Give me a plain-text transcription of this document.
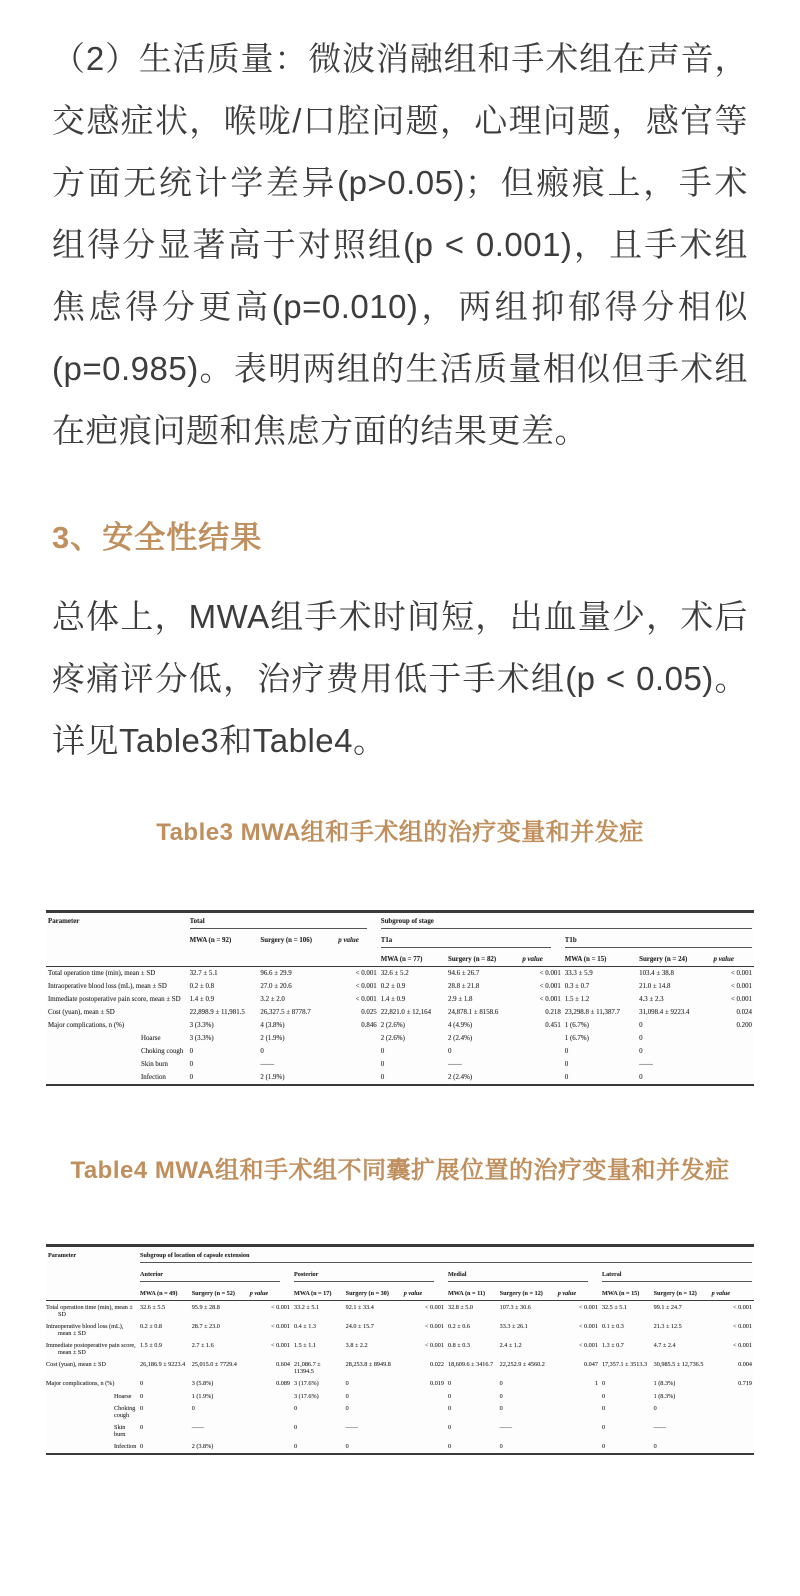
（2）生活质量：微波消融组和手术组在声音，交感症状，喉咙/口腔问题，心理问题，感官等方面无统计学差异(p>0.05)；但瘢痕上，手术组得分显著高于对照组(p < 0.001)，且手术组焦虑得分更高(p=0.010)，两组抑郁得分相似(p=0.985)。表明两组的生活质量相似但手术组在疤痕问题和焦虑方面的结果更差。

3、安全性结果

总体上，MWA组手术时间短，出血量少，术后疼痛评分低，治疗费用低于手术组(p < 0.05)。详见Table3和Table4。

Table3 MWA组和手术组的治疗变量和并发症
Parameter	Total			Subgroup of stage					

	MWA (n = 92)	Surgery (n = 106)	p value	T1a			T1b		

				MWA (n = 77)	Surgery (n = 82)	p value	MWA (n = 15)	Surgery (n = 24)	p value
Total operation time (min), mean ± SD	32.7 ± 5.1	96.6 ± 29.9	< 0.001	32.6 ± 5.2	94.6 ± 26.7	< 0.001	33.3 ± 5.9	103.4 ± 38.8	< 0.001
Intraoperative blood loss (mL), mean ± SD	0.2 ± 0.8	27.0 ± 20.6	< 0.001	0.2 ± 0.9	28.8 ± 21.8	< 0.001	0.3 ± 0.7	21.0 ± 14.8	< 0.001
Immediate postoperative pain score, mean ± SD	1.4 ± 0.9	3.2 ± 2.0	< 0.001	1.4 ± 0.9	2.9 ± 1.8	< 0.001	1.5 ± 1.2	4.3 ± 2.3	< 0.001
Cost (yuan), mean ± SD	22,898.9 ± 11,981.5	26,327.5 ± 8778.7	0.025	22,821.0 ± 12,164	24,878.1 ± 8158.6	0.218	23,298.8 ± 11,387.7	31,098.4 ± 9223.4	0.024
Major complications, n (%)	3 (3.3%)	4 (3.8%)	0.846	2 (2.6%)	4 (4.9%)	0.451	1 (6.7%)	0	0.200
Hoarse	3 (3.3%)	2 (1.9%)		2 (2.6%)	2 (2.4%)		1 (6.7%)	0	
Choking cough	0	0		0	0		0	0	
Skin burn	0	——		0	——		0	——	
Infection	0	2 (1.9%)		0	2 (2.4%)		0	0	
Table4 MWA组和手术组不同囊扩展位置的治疗变量和并发症
Parameter	Subgroup of location of capsule extension											

	Anterior			Posterior			Medial			Lateral		

	MWA (n = 49)	Surgery (n = 52)	p value	MWA (n = 17)	Surgery (n = 30)	p value	MWA (n = 11)	Surgery (n = 12)	p value	MWA (n = 15)	Surgery (n = 12)	p value
Total operation time (min), mean ± SD	32.6 ± 5.5	95.9 ± 28.8	< 0.001	33.2 ± 5.1	92.1 ± 33.4	< 0.001	32.8 ± 5.0	107.3 ± 30.6	< 0.001	32.5 ± 5.1	99.1 ± 24.7	< 0.001
Intraoperative blood loss (mL), mean ± SD	0.2 ± 0.8	28.7 ± 23.0	< 0.001	0.4 ± 1.3	24.0 ± 15.7	< 0.001	0.2 ± 0.6	33.3 ± 26.1	< 0.001	0.1 ± 0.3	21.3 ± 12.5	< 0.001
Immediate postoperative pain score, mean ± SD	1.5 ± 0.9	2.7 ± 1.6	< 0.001	1.5 ± 1.1	3.8 ± 2.2	< 0.001	0.8 ± 0.3	2.4 ± 1.2	< 0.001	1.3 ± 0.7	4.7 ± 2.4	< 0.001
Cost (yuan), mean ± SD	26,186.9 ± 9223.4	25,015.0 ± 7729.4	0.604	21,086.7 ± 11394.5	28,253.8 ± 8949.8	0.022	18,609.6 ± 3416.7	22,252.9 ± 4560.2	0.047	17,357.1 ± 3513.3	30,985.5 ± 12,736.5	0.004
Major complications, n (%)	0	3 (5.8%)	0.089	3 (17.6%)	0	0.019	0	0	1	0	1 (8.3%)	0.719
Hoarse	0	1 (1.9%)		3 (17.6%)	0		0	0		0	1 (8.3%)	
Choking cough	0	0		0	0		0	0		0	0	
Skin burn	0	——		0	——		0	——		0	——	
Infection	0	2 (3.8%)		0	0		0	0		0	0	
